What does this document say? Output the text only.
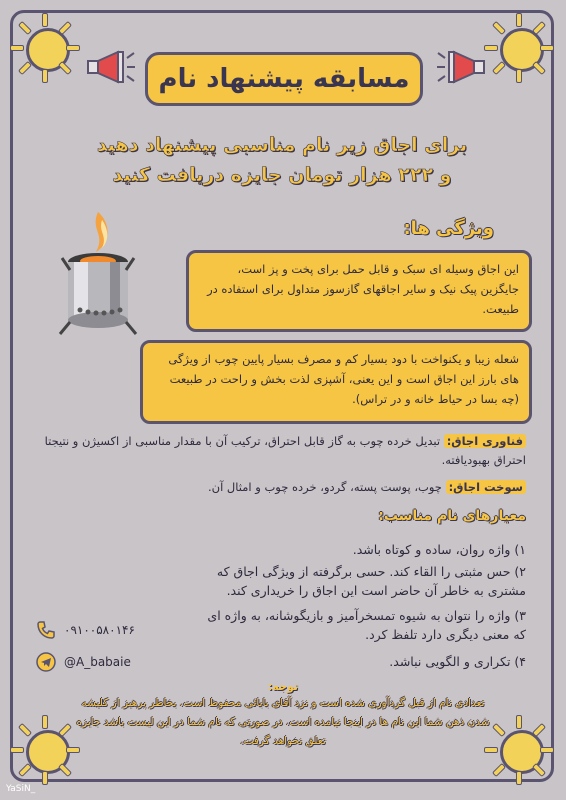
مسابقه پیشنهاد نام
برای اجاق زیر نام مناسبی پیشنهاد دهید
و ۲۲۲ هزار تومان جایزه دریافت کنید
ویژگی ها:
این اجاق وسیله ای سبک و قابل حمل برای پخت و پز است، جایگزین پیک نیک و سایر اجاقهای گازسوز متداول برای استفاده در طبیعت.
شعله زیبا و یکنواخت با دود بسیار کم و مصرف بسیار پایین چوب از ویژگی های بارز این اجاق است و این یعنی، آشپزی لذت بخش و راحت در طبیعت (چه بسا در حیاط خانه و در تراس).
فناوری اجاق: تبدیل خرده چوب به گاز قابل احتراق، ترکیب آن با مقدار مناسبی از اکسیژن و نتیجتا احتراق بهبودیافته.
سوخت اجاق: چوب، پوست پسته، گردو، خرده چوب و امثال آن.
معیارهای نام مناسب:
۱) واژه روان، ساده و کوتاه باشد.
۲) حس مثبتی را القاء کند. حسی برگرفته از ویژگی اجاق که مشتری به خاطر آن حاضر است این اجاق را خریداری کند.
۳) واژه را نتوان به شیوه تمسخرآمیز و بازیگوشانه، به واژه ای که معنی دیگری دارد تلفظ کرد.
۴) تکراری و الگویی نباشد.
۰۹۱۰۰۵۸۰۱۴۶
@A_babaie
توجه:
تعدادی نام از قبل گردآوری شده است و نزد آقای بابائی محفوظ است. بخاطر پرهیز از کلیشه شدن ذهن شما این نام ها در اینجا نیامده است. در صورتی که نام شما در این لیست باشد جایزه تعلق نخواهد گرفت.
YaSiN_
